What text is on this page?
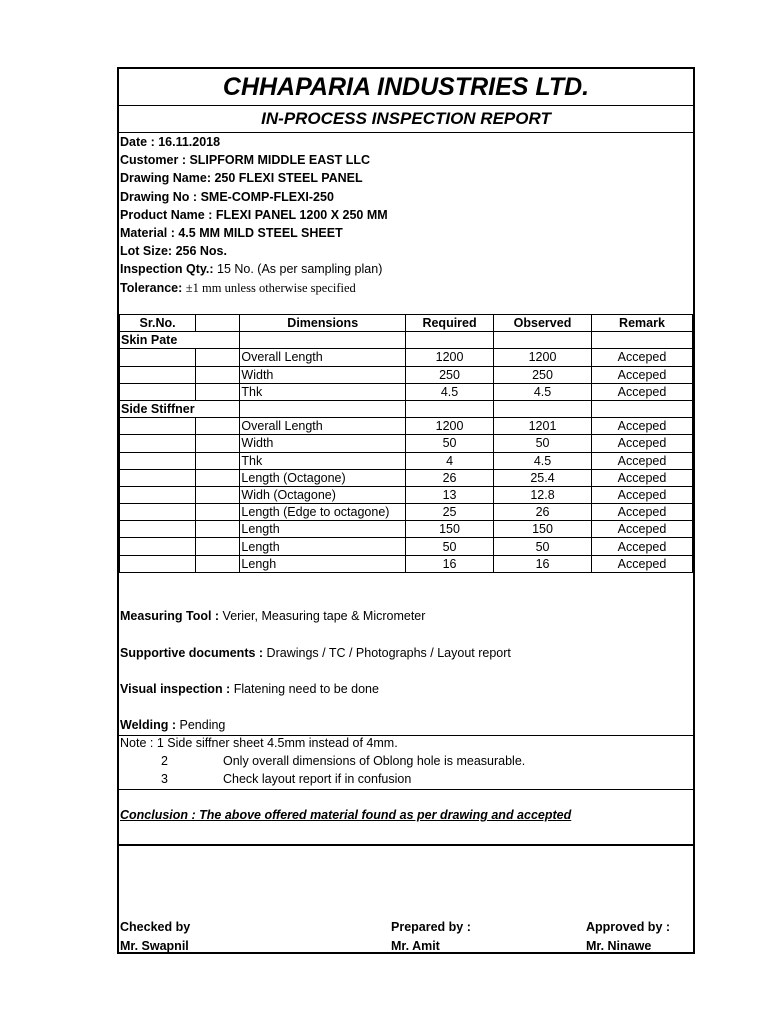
CHHAPARIA INDUSTRIES LTD.
IN-PROCESS INSPECTION REPORT
Date : 16.11.2018
Customer : SLIPFORM MIDDLE EAST LLC
Drawing Name: 250 FLEXI STEEL PANEL
Drawing No : SME-COMP-FLEXI-250
Product Name : FLEXI PANEL 1200 X 250 MM
Material : 4.5 MM MILD STEEL SHEET
Lot Size: 256 Nos.
Inspection Qty.: 15 No. (As per sampling plan)
Tolerance: ±1 mm unless otherwise specified
Sr.No.		Dimensions	Required	Observed	Remark
Skin Pate					
		Overall Length	1200	1200	Acceped
		Width	250	250	Acceped
		Thk	4.5	4.5	Acceped
Side Stiffner					
		Overall Length	1200	1201	Acceped
		Width	50	50	Acceped
		Thk	4	4.5	Acceped
		Length (Octagone)	26	25.4	Acceped
		Widh (Octagone)	13	12.8	Acceped
		Length (Edge to octagone)	25	26	Acceped
		Length	150	150	Acceped
		Length	50	50	Acceped
		Lengh	16	16	Acceped
Measuring Tool : Verier, Measuring tape & Micrometer
Supportive documents : Drawings / TC / Photographs / Layout report
Visual inspection : Flatening need to be done
Welding : Pending
Note : 1 Side siffner sheet 4.5mm instead of 4mm.
2	Only overall dimensions of Oblong hole is measurable.
3	Check layout report if in confusion
Conclusion : The above offered material found as per drawing and accepted
Checked by
Mr. Swapnil
Prepared by :
Mr. Amit
Approved by :
Mr. Ninawe
